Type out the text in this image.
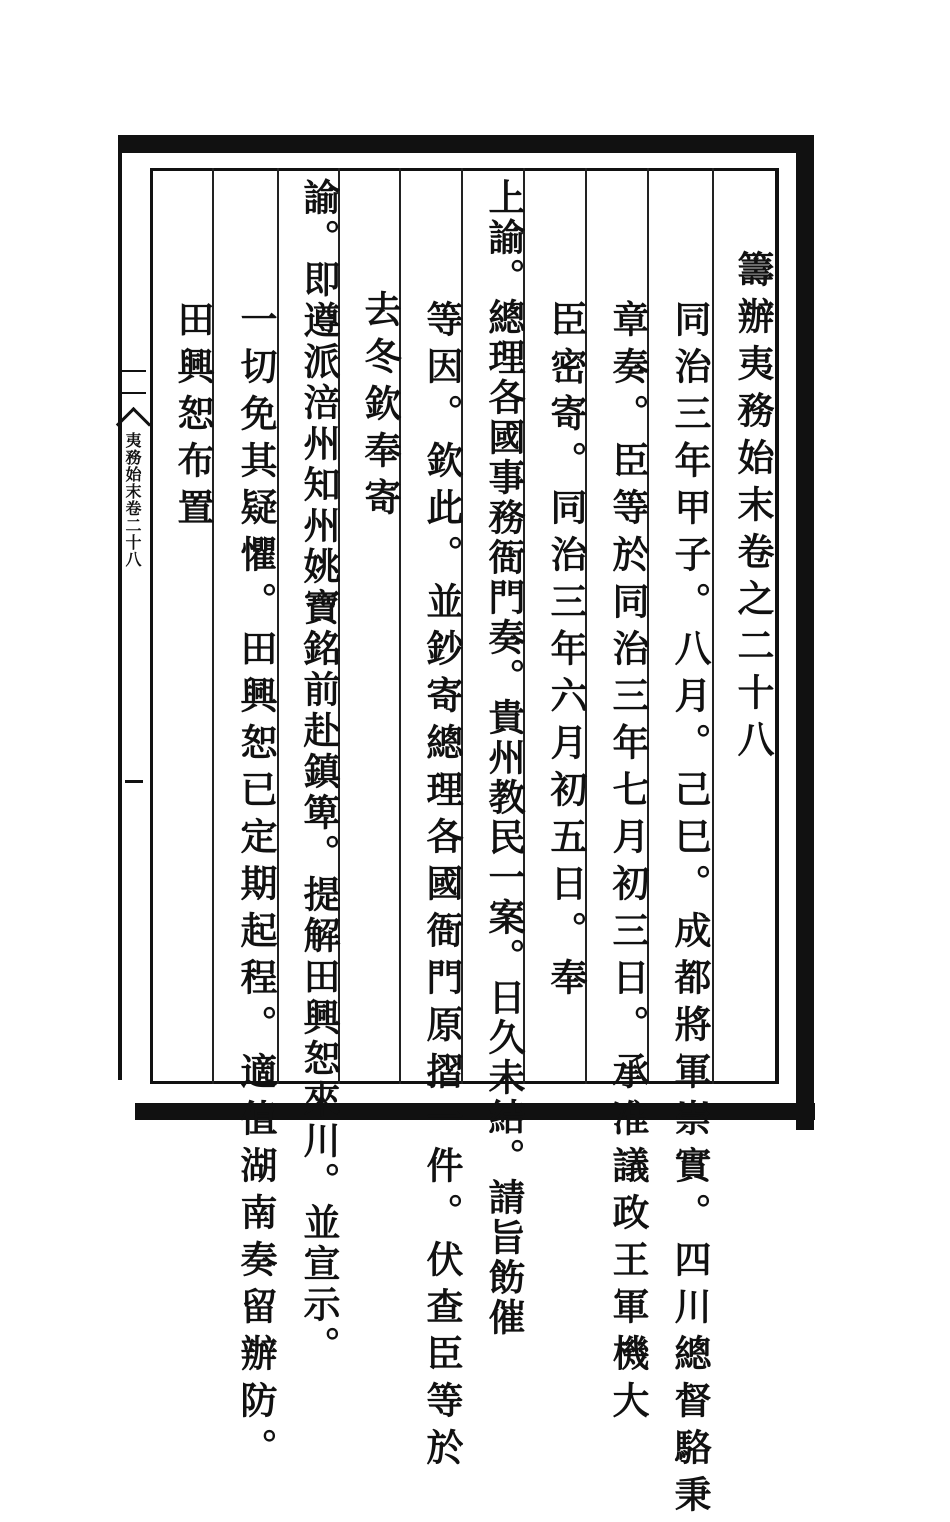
夷務始末卷二十八	籌辦夷務始末卷之二十八
同治三年甲子。八月。己巳。成都將軍崇實。四川總督駱秉
章奏。臣等於同治三年七月初三日。承准議政王軍機大
臣密寄。同治三年六月初五日。奉
上諭。總理各國事務衙門奏。貴州教民一案。日久未結。請旨飭催
等因。欽此。並鈔寄總理各國衙門原摺一件。伏查臣等於
去冬欽奉寄
諭。即遵派涪州知州姚寶銘前赴鎮箄。提解田興恕來川。並宣示。
一切免其疑懼。田興恕已定期起程。適值湖南奏留辦防。
田興恕布置
